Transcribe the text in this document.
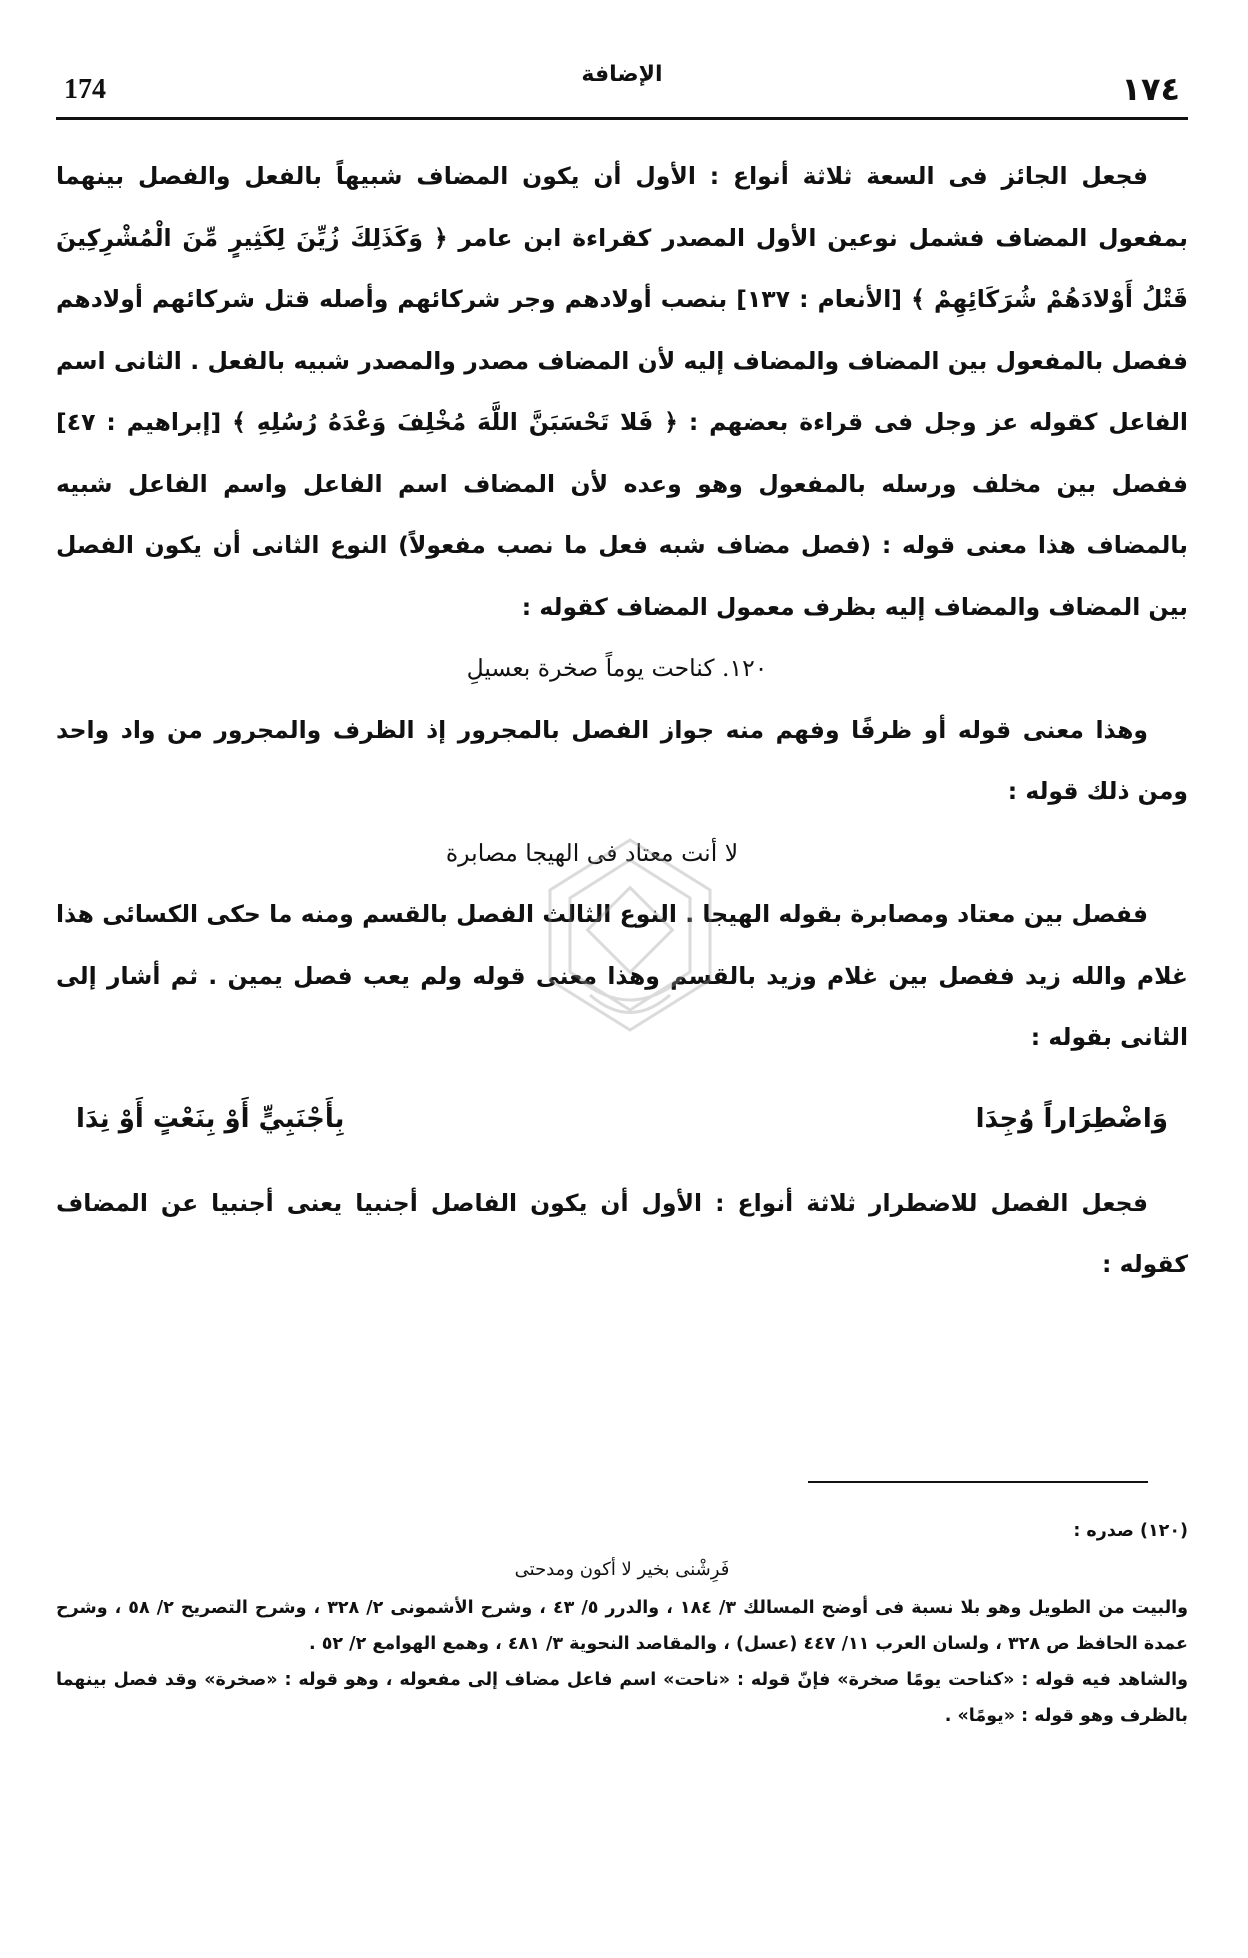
174	الإضافة	١٧٤

فجعل الجائز فى السعة ثلاثة أنواع : الأول أن يكون المضاف شبيهاً بالفعل والفصل بينهما بمفعول المضاف فشمل نوعين الأول المصدر كقراءة ابن عامر ﴿ وَكَذَلِكَ زُيِّنَ لِكَثِيرٍ مِّنَ الْمُشْرِكِينَ قَتْلُ أَوْلادَهُمْ شُرَكَائِهِمْ ﴾ [الأنعام : ١٣٧] بنصب أولادهم وجر شركائهم وأصله قتل شركائهم أولادهم ففصل بالمفعول بين المضاف والمضاف إليه لأن المضاف مصدر والمصدر شبيه بالفعل . الثانى اسم الفاعل كقوله عز وجل فى قراءة بعضهم : ﴿ فَلا تَحْسَبَنَّ اللَّهَ مُخْلِفَ وَعْدَهُ رُسُلِهِ ﴾ [إبراهيم : ٤٧] ففصل بين مخلف ورسله بالمفعول وهو وعده لأن المضاف اسم الفاعل واسم الفاعل شبيه بالمضاف هذا معنى قوله : (فصل مضاف شبه فعل ما نصب مفعولاً) النوع الثانى أن يكون الفصل بين المضاف والمضاف إليه بظرف معمول المضاف كقوله :

١٢٠. كناحت يوماً صخرة بعسيلِ

وهذا معنى قوله أو ظرفًا وفهم منه جواز الفصل بالمجرور إذ الظرف والمجرور من واد واحد ومن ذلك قوله :

لا أنت معتاد فى الهيجا مصابرة

ففصل بين معتاد ومصابرة بقوله الهيجا . النوع الثالث الفصل بالقسم ومنه ما حكى الكسائى هذا غلام والله زيد ففصل بين غلام وزيد بالقسم وهذا معنى قوله ولم يعب فصل يمين . ثم أشار إلى الثانى بقوله :

وَاضْطِرَاراً وُجِدَا
بِأَجْنَبِيٍّ أَوْ بِنَعْتٍ أَوْ نِدَا

فجعل الفصل للاضطرار ثلاثة أنواع : الأول أن يكون الفاصل أجنبيا يعنى أجنبيا عن المضاف كقوله :

(١٢٠) صدره :

فَرِشْنى بخير لا أكون ومدحتى

والبيت من الطويل وهو بلا نسبة فى أوضح المسالك ٣/ ١٨٤ ، والدرر ٥/ ٤٣ ، وشرح الأشمونى ٢/ ٣٢٨ ، وشرح التصريح ٢/ ٥٨ ، وشرح عمدة الحافظ ص ٣٢٨ ، ولسان العرب ١١/ ٤٤٧ (عسل) ، والمقاصد النحوية ٣/ ٤٨١ ، وهمع الهوامع ٢/ ٥٢ .

والشاهد فيه قوله : «كناحت يومًا صخرة» فإنّ قوله : «ناحت» اسم فاعل مضاف إلى مفعوله ، وهو قوله : «صخرة» وقد فصل بينهما بالظرف وهو قوله : «يومًا» .
